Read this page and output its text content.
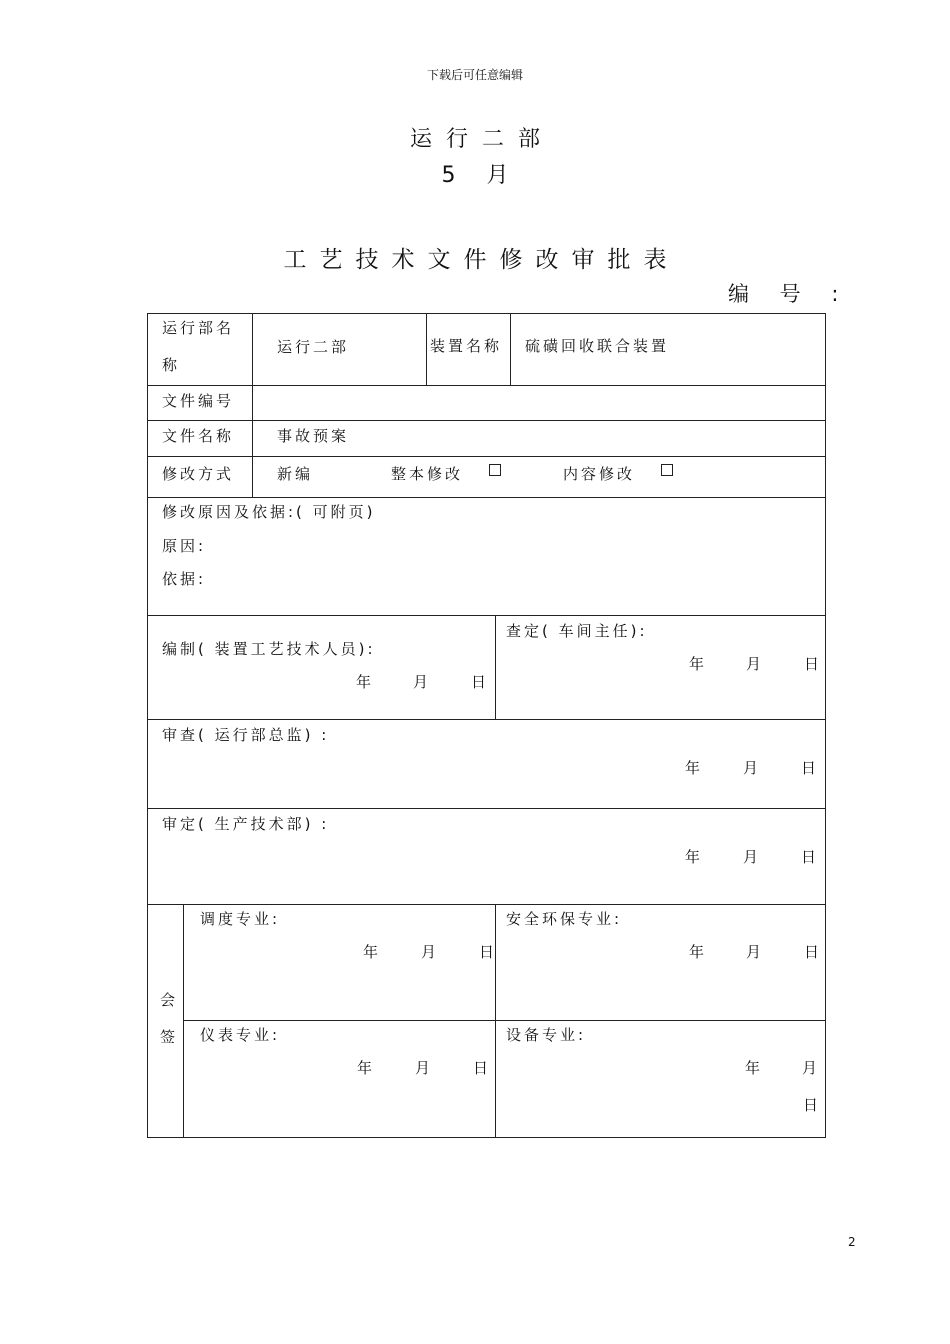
下载后可任意编辑
运行二部
5 月
工艺技术文件修改审批表
编 号 :
运行部名
称
运行二部	装置名称 硫磺回收联合装置
文件编号
文件名称	事故预案
修改方式	新编	整本修改	内容修改
修改原因及依据:( 可附页)
原因:
依据:
编制( 装置工艺技术人员):
年	月	日
查定( 车间主任):
年	月	日
审查( 运行部总监) :
年	月	日
审定( 生产技术部) :
年	月	日
会
签
调度专业:
年	月	日
安全环保专业:
年	月	日
仪表专业:
年	月	日
设备专业:
年	月
日
2
